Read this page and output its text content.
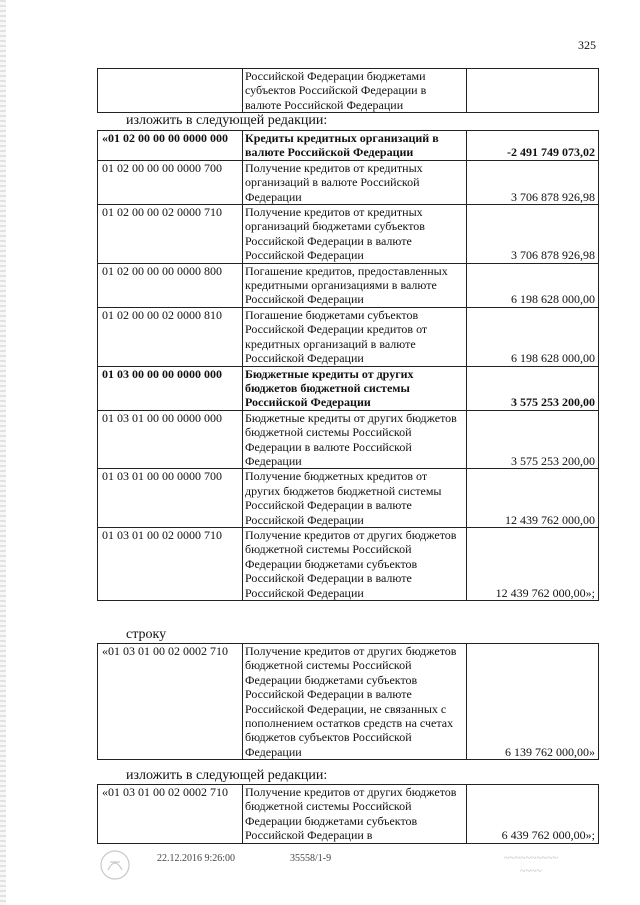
325
	Российской Федерации бюджетами субъектов Российской Федерации в валюте Российской Федерации	
изложить в следующей редакции:
«01 02 00 00 00 0000 000	Кредиты кредитных организаций в валюте Российской Федерации	-2 491 749 073,02
01 02 00 00 00 0000 700	Получение кредитов от кредитных организаций в валюте Российской Федерации	3 706 878 926,98
01 02 00 00 02 0000 710	Получение кредитов от кредитных организаций бюджетами субъектов Российской Федерации в валюте Российской Федерации	3 706 878 926,98
01 02 00 00 00 0000 800	Погашение кредитов, предоставленных кредитными организациями в валюте Российской Федерации	6 198 628 000,00
01 02 00 00 02 0000 810	Погашение бюджетами субъектов Российской Федерации кредитов от кредитных организаций в валюте Российской Федерации	6 198 628 000,00
01 03 00 00 00 0000 000	Бюджетные кредиты от других бюджетов бюджетной системы Российской Федерации	3 575 253 200,00
01 03 01 00 00 0000 000	Бюджетные кредиты от других бюджетов бюджетной системы Российской Федерации в валюте Российской Федерации	3 575 253 200,00
01 03 01 00 00 0000 700	Получение бюджетных кредитов от других бюджетов бюджетной системы Российской Федерации в валюте Российской Федерации	12 439 762 000,00
01 03 01 00 02 0000 710	Получение кредитов от других бюджетов бюджетной системы Российской Федерации бюджетами субъектов Российской Федерации в валюте Российской Федерации	12 439 762 000,00»;
строку
«01 03 01 00 02 0002 710	Получение кредитов от других бюджетов бюджетной системы Российской Федерации бюджетами субъектов Российской Федерации в валюте Российской Федерации, не связанных с пополнением остатков средств на счетах бюджетов субъектов Российской Федерации	6 139 762 000,00»
изложить в следующей редакции:
«01 03 01 00 02 0002 710	Получение кредитов от других бюджетов бюджетной системы Российской Федерации бюджетами субъектов Российской Федерации в	6 439 762 000,00»;
22.12.2016 9:26:00	35558/1-9	~~~~~~~~~~
~~~~
